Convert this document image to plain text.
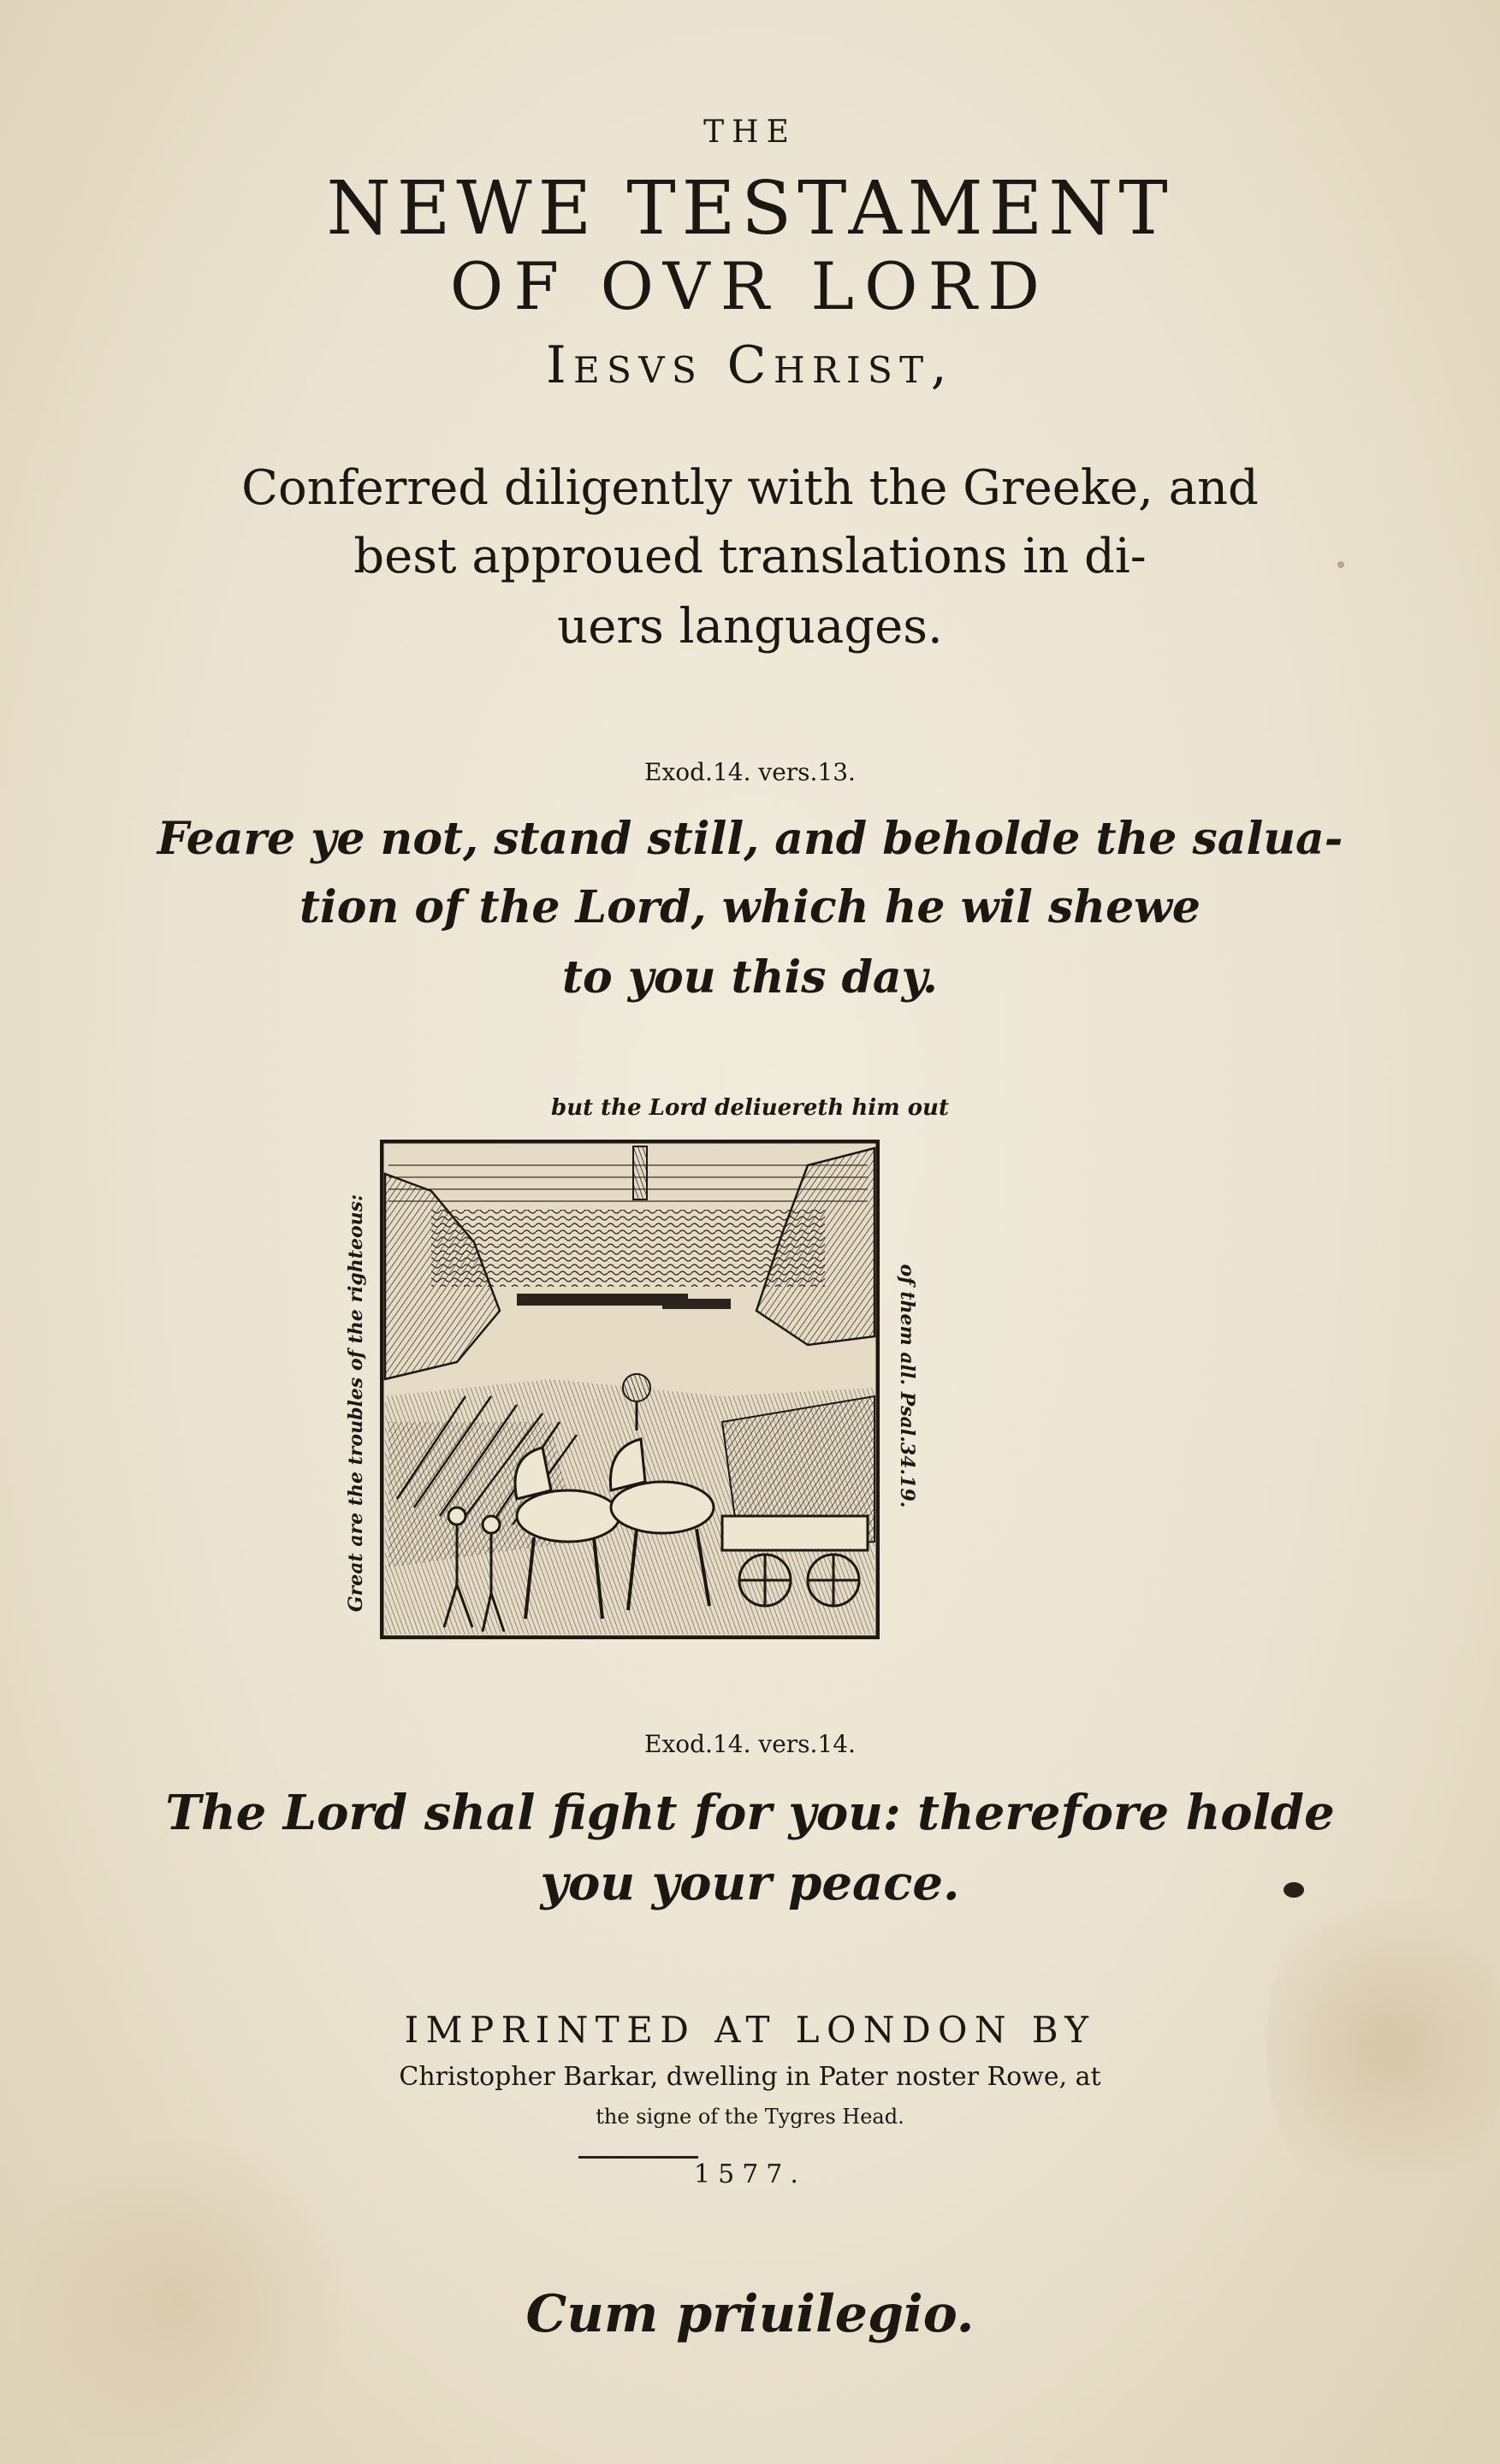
THE
NEWE TESTAMENT
OF OVR LORD
Iesvs Christ,
Conferred diligently with the Greeke, and
best approued translations in di-
uers languages.
Exod.14. vers.13.
Feare ye not, stand still, and beholde the salua-
tion of the Lord, which he wil shewe
to you this day.
but the Lord deliuereth him out
Great are the troubles of the righteous:	of them all. Psal.34.19.
Exod.14. vers.14.
The Lord shal fight for you: therefore holde
you your peace.
IMPRINTED AT LONDON BY
Christopher Barkar, dwelling in Pater noster Rowe, at
the signe of the Tygres Head.
1577.
Cum priuilegio.
